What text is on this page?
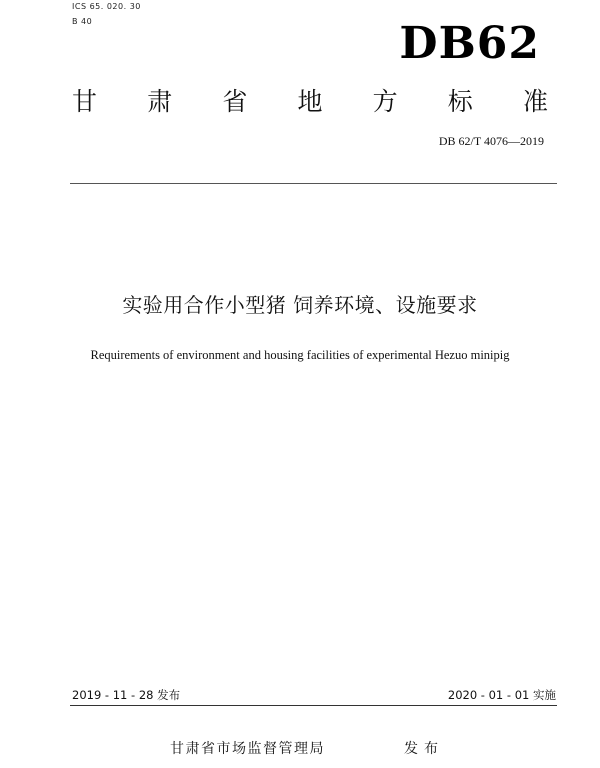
ICS 65. 020. 30
B 40	DB62
甘 肃 省 地 方 标 准
DB 62/T 4076—2019
实验用合作小型猪 饲养环境、设施要求
Requirements of environment and housing facilities of experimental Hezuo minipig
2019 - 11 - 28 发布	2020 - 01 - 01 实施
甘肃省市场监督管理局	发布
